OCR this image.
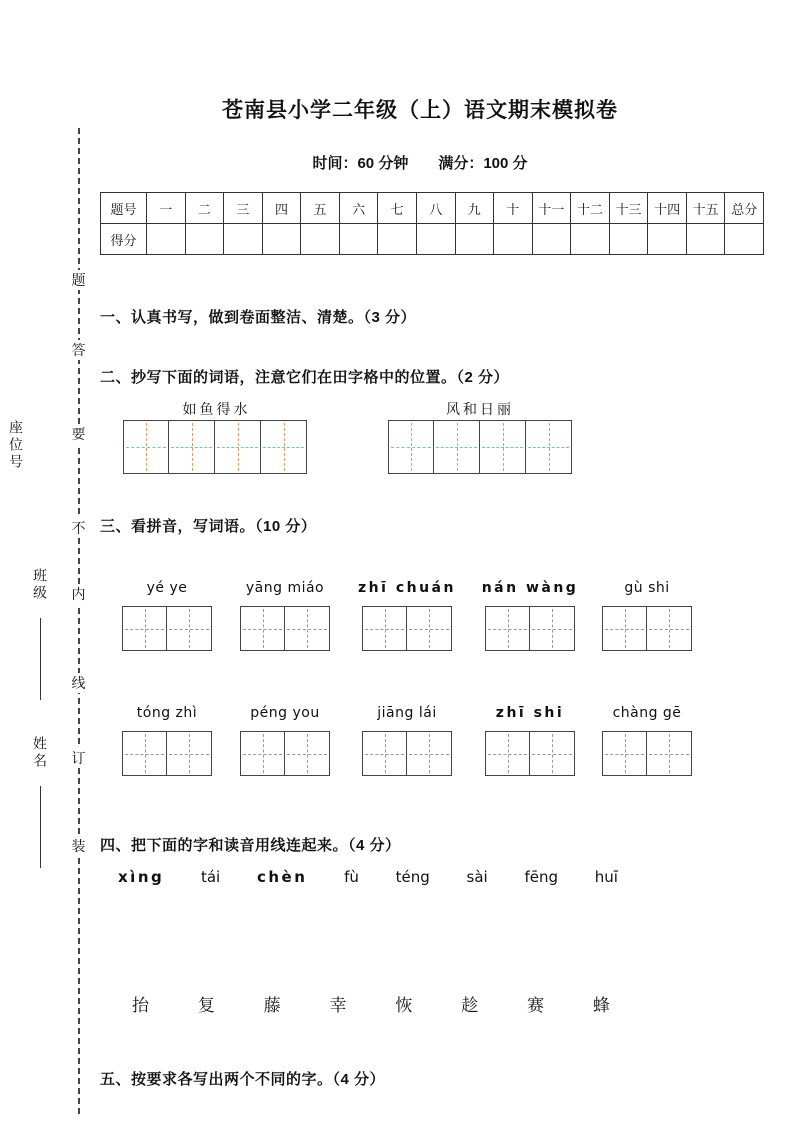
苍南县小学二年级（上）语文期末模拟卷
时间：60 分钟　　满分：100 分
题号	一	二	三	四	五	六	七	八	九	十	十一	十二	十三	十四	十五	总分
得分																
题
答
要
不
内
线
订
装
座位号
班级
姓名
一、认真书写，做到卷面整洁、清楚。（3 分）
二、抄写下面的词语，注意它们在田字格中的位置。（2 分）
如鱼得水	风和日丽
三、看拼音，写词语。（10 分）
yé ye	yāng miáo	zhī chuán	nán wàng	gù shi
tóng zhì	péng you	jiāng lái	zhī shi	chàng gē
四、把下面的字和读音用线连起来。（4 分）
xìng tái chèn fù téng sài fēng huī
抬	复	藤	幸	恢	趁	赛	蜂
五、按要求各写出两个不同的字。（4 分）
